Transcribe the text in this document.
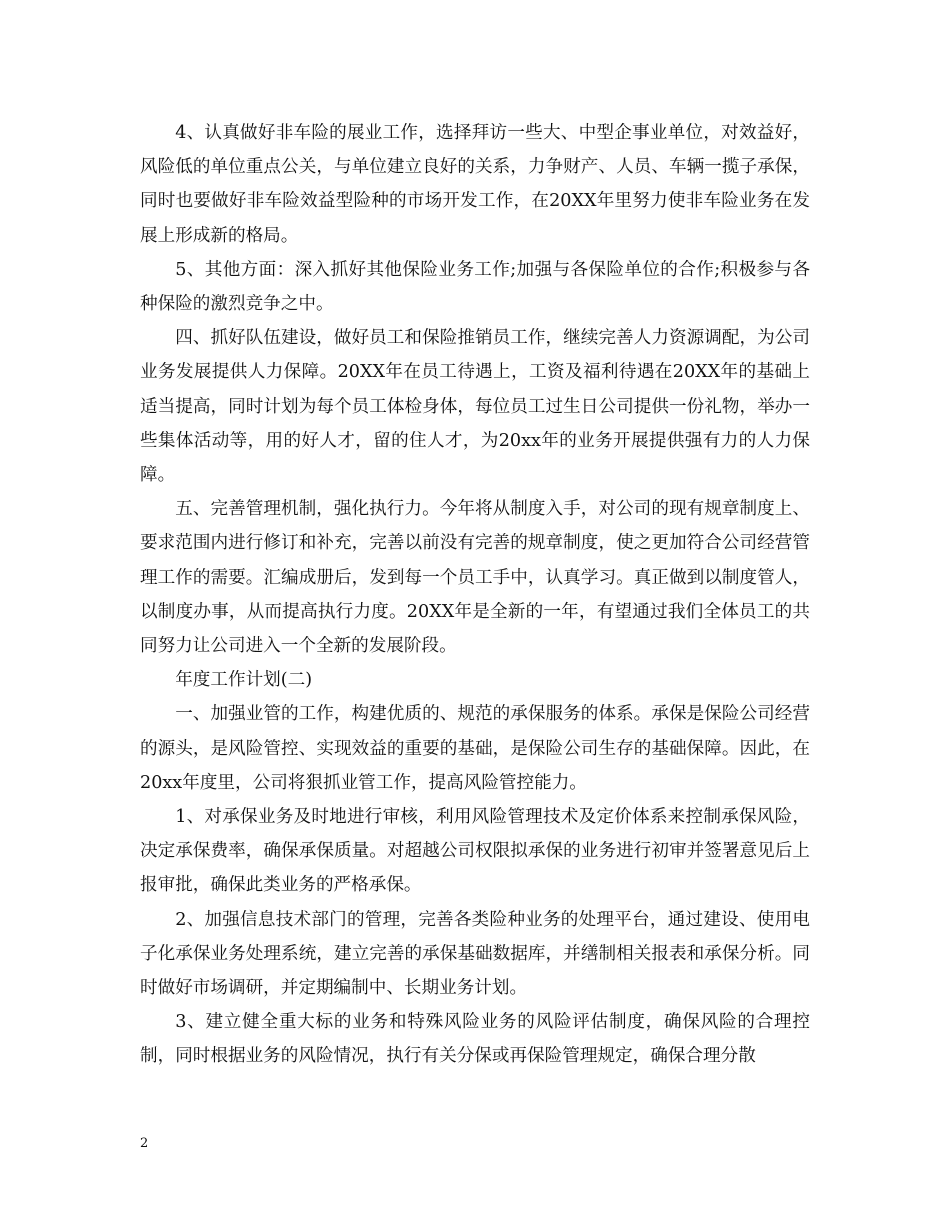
4、认真做好非车险的展业工作，选择拜访一些大、中型企事业单位，对效益好，风险低的单位重点公关，与单位建立良好的关系，力争财产、人员、车辆一揽子承保，同时也要做好非车险效益型险种的市场开发工作，在20XX年里努力使非车险业务在发展上形成新的格局。

5、其他方面：深入抓好其他保险业务工作;加强与各保险单位的合作;积极参与各种保险的激烈竞争之中。

四、抓好队伍建设，做好员工和保险推销员工作，继续完善人力资源调配，为公司业务发展提供人力保障。20XX年在员工待遇上，工资及福利待遇在20XX年的基础上适当提高，同时计划为每个员工体检身体，每位员工过生日公司提供一份礼物，举办一些集体活动等，用的好人才，留的住人才，为20xx年的业务开展提供强有力的人力保障。

五、完善管理机制，强化执行力。今年将从制度入手，对公司的现有规章制度上、要求范围内进行修订和补充，完善以前没有完善的规章制度，使之更加符合公司经营管理工作的需要。汇编成册后，发到每一个员工手中，认真学习。真正做到以制度管人，以制度办事，从而提高执行力度。20XX年是全新的一年，有望通过我们全体员工的共同努力让公司进入一个全新的发展阶段。

年度工作计划(二)

一、加强业管的工作，构建优质的、规范的承保服务的体系。承保是保险公司经营的源头，是风险管控、实现效益的重要的基础，是保险公司生存的基础保障。因此，在20xx年度里，公司将狠抓业管工作，提高风险管控能力。

1、对承保业务及时地进行审核，利用风险管理技术及定价体系来控制承保风险，决定承保费率，确保承保质量。对超越公司权限拟承保的业务进行初审并签署意见后上报审批，确保此类业务的严格承保。

2、加强信息技术部门的管理，完善各类险种业务的处理平台，通过建设、使用电子化承保业务处理系统，建立完善的承保基础数据库，并缮制相关报表和承保分析。同时做好市场调研，并定期编制中、长期业务计划。

3、建立健全重大标的业务和特殊风险业务的风险评估制度，确保风险的合理控制，同时根据业务的风险情况，执行有关分保或再保险管理规定，确保合理分散

2
